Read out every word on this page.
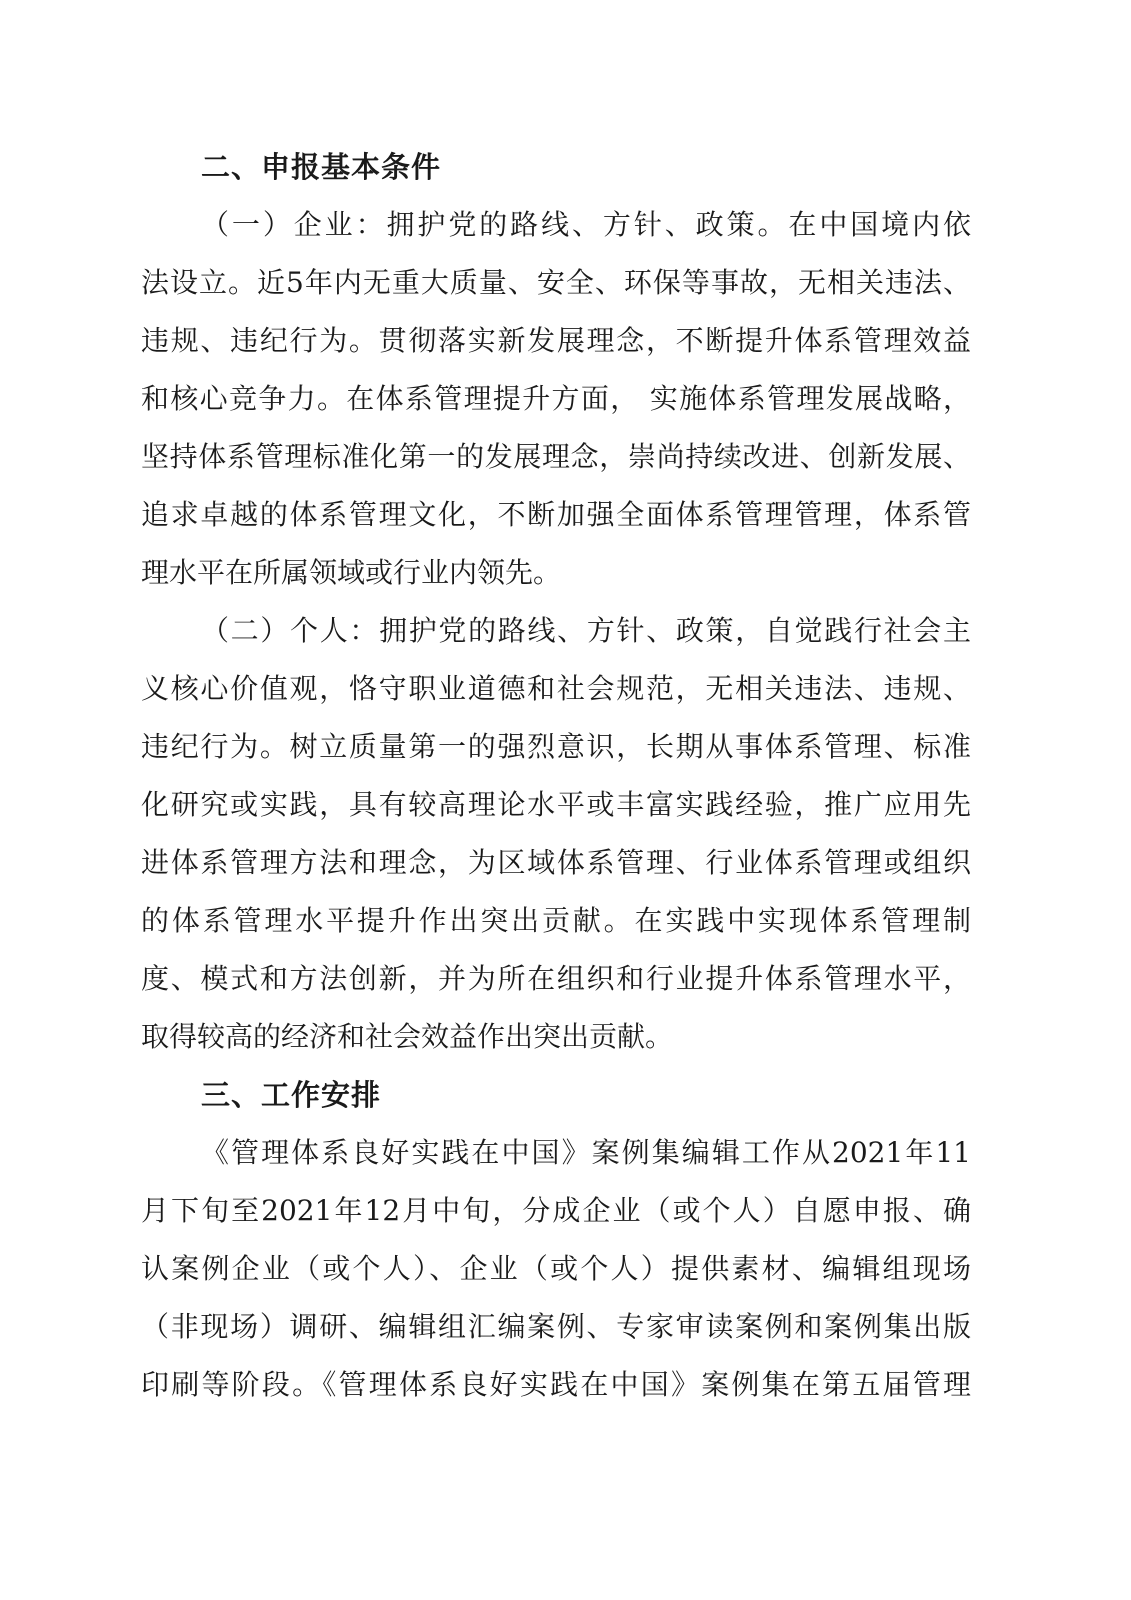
二、申报基本条件

（一）企业：拥护党的路线、方针、政策。在中国境内依

法设立。近5年内无重大质量、安全、环保等事故，无相关违法、

违规、违纪行为。贯彻落实新发展理念，不断提升体系管理效益

和核心竞争力。在体系管理提升方面， 实施体系管理发展战略，

坚持体系管理标准化第一的发展理念，崇尚持续改进、创新发展、

追求卓越的体系管理文化，不断加强全面体系管理管理，体系管

理水平在所属领域或行业内领先。

（二）个人：拥护党的路线、方针、政策，自觉践行社会主

义核心价值观，恪守职业道德和社会规范，无相关违法、违规、

违纪行为。树立质量第一的强烈意识，长期从事体系管理、标准

化研究或实践，具有较高理论水平或丰富实践经验，推广应用先

进体系管理方法和理念，为区域体系管理、行业体系管理或组织

的体系管理水平提升作出突出贡献。在实践中实现体系管理制

度、模式和方法创新，并为所在组织和行业提升体系管理水平，

取得较高的经济和社会效益作出突出贡献。

三、工作安排

《管理体系良好实践在中国》案例集编辑工作从2021年11

月下旬至2021年12月中旬，分成企业（或个人）自愿申报、确

认案例企业（或个人）、企业（或个人）提供素材、编辑组现场

（非现场）调研、编辑组汇编案例、专家审读案例和案例集出版

印刷等阶段。《管理体系良好实践在中国》案例集在第五届管理
